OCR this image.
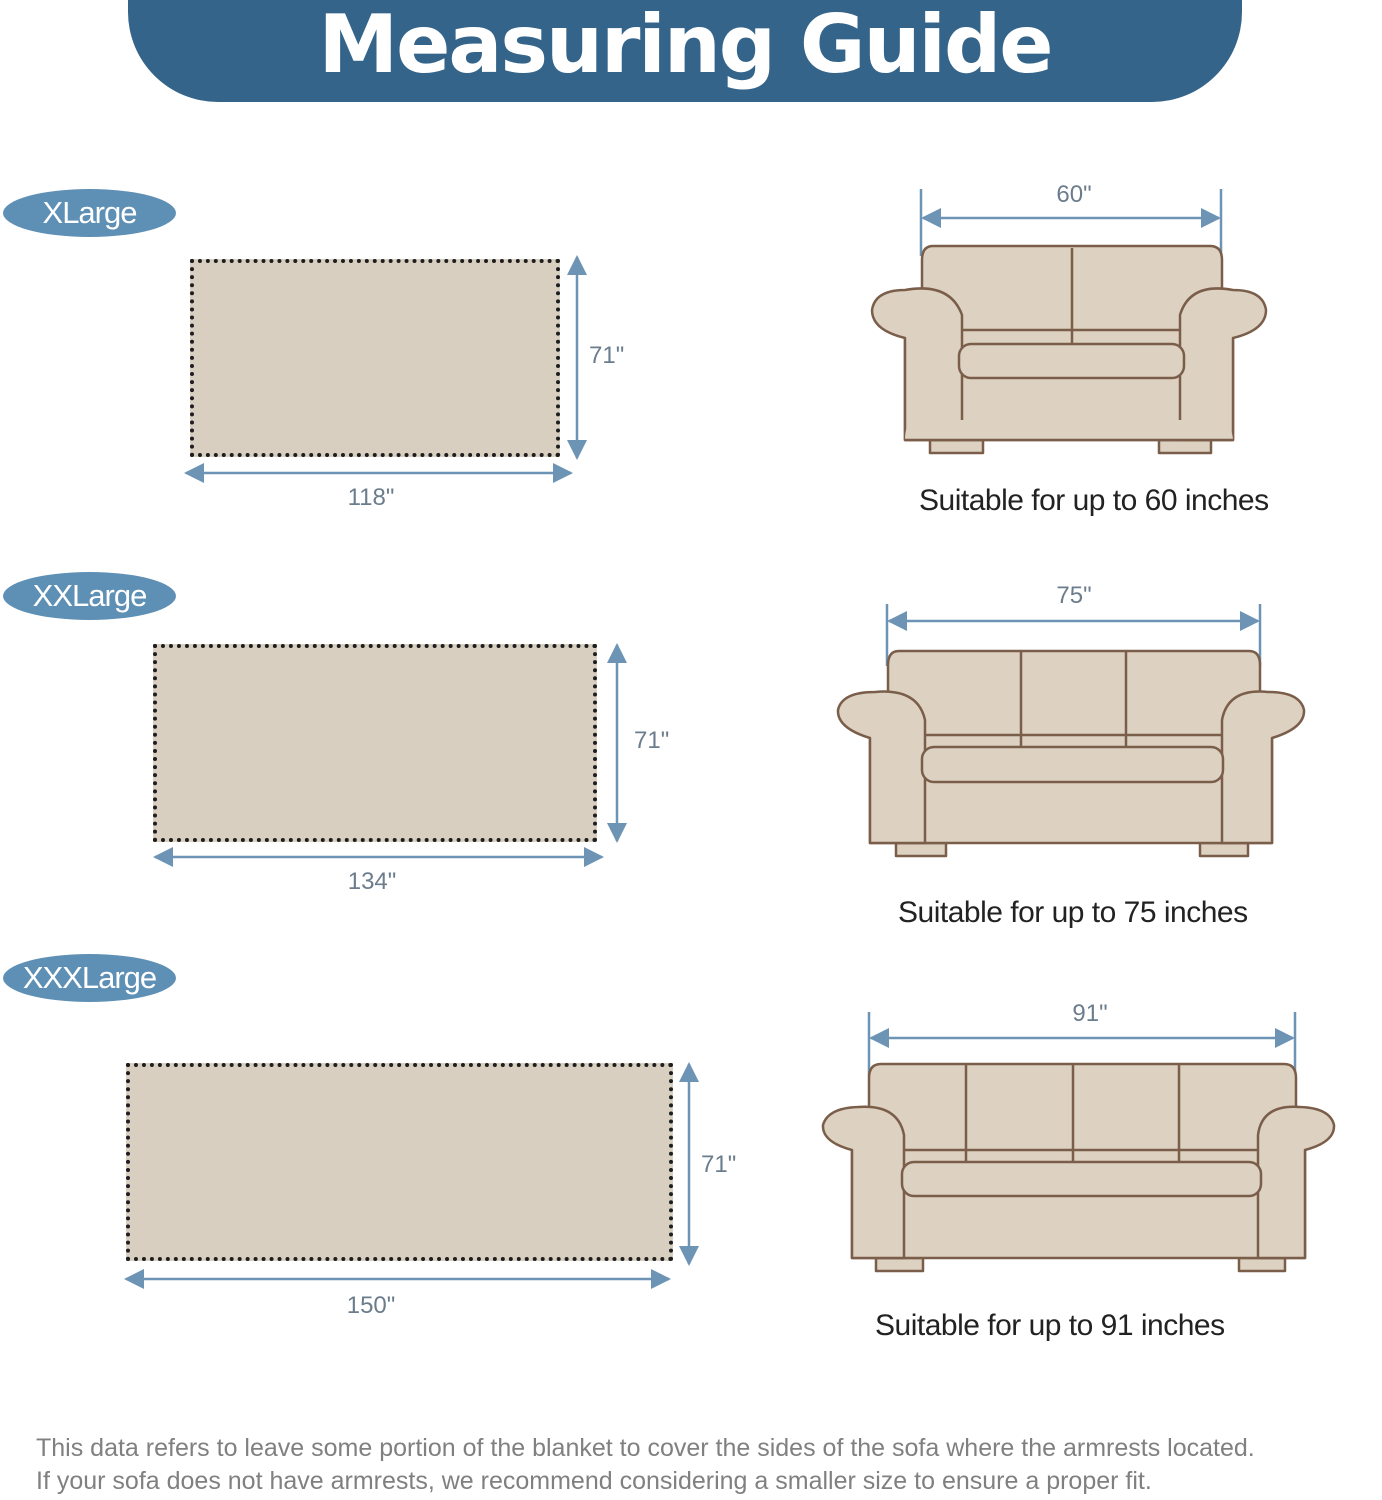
Measuring Guide
XLarge
XXLarge
XXXLarge
71"
118"
71"
134"
71"
150"
60"
75"
91"
Suitable for up to 60 inches
Suitable for up to 75 inches
Suitable for up to 91 inches
This data refers to leave some portion of the blanket to cover the sides of the sofa where the armrests located.
If your sofa does not have armrests, we recommend considering a smaller size to ensure a proper fit.
